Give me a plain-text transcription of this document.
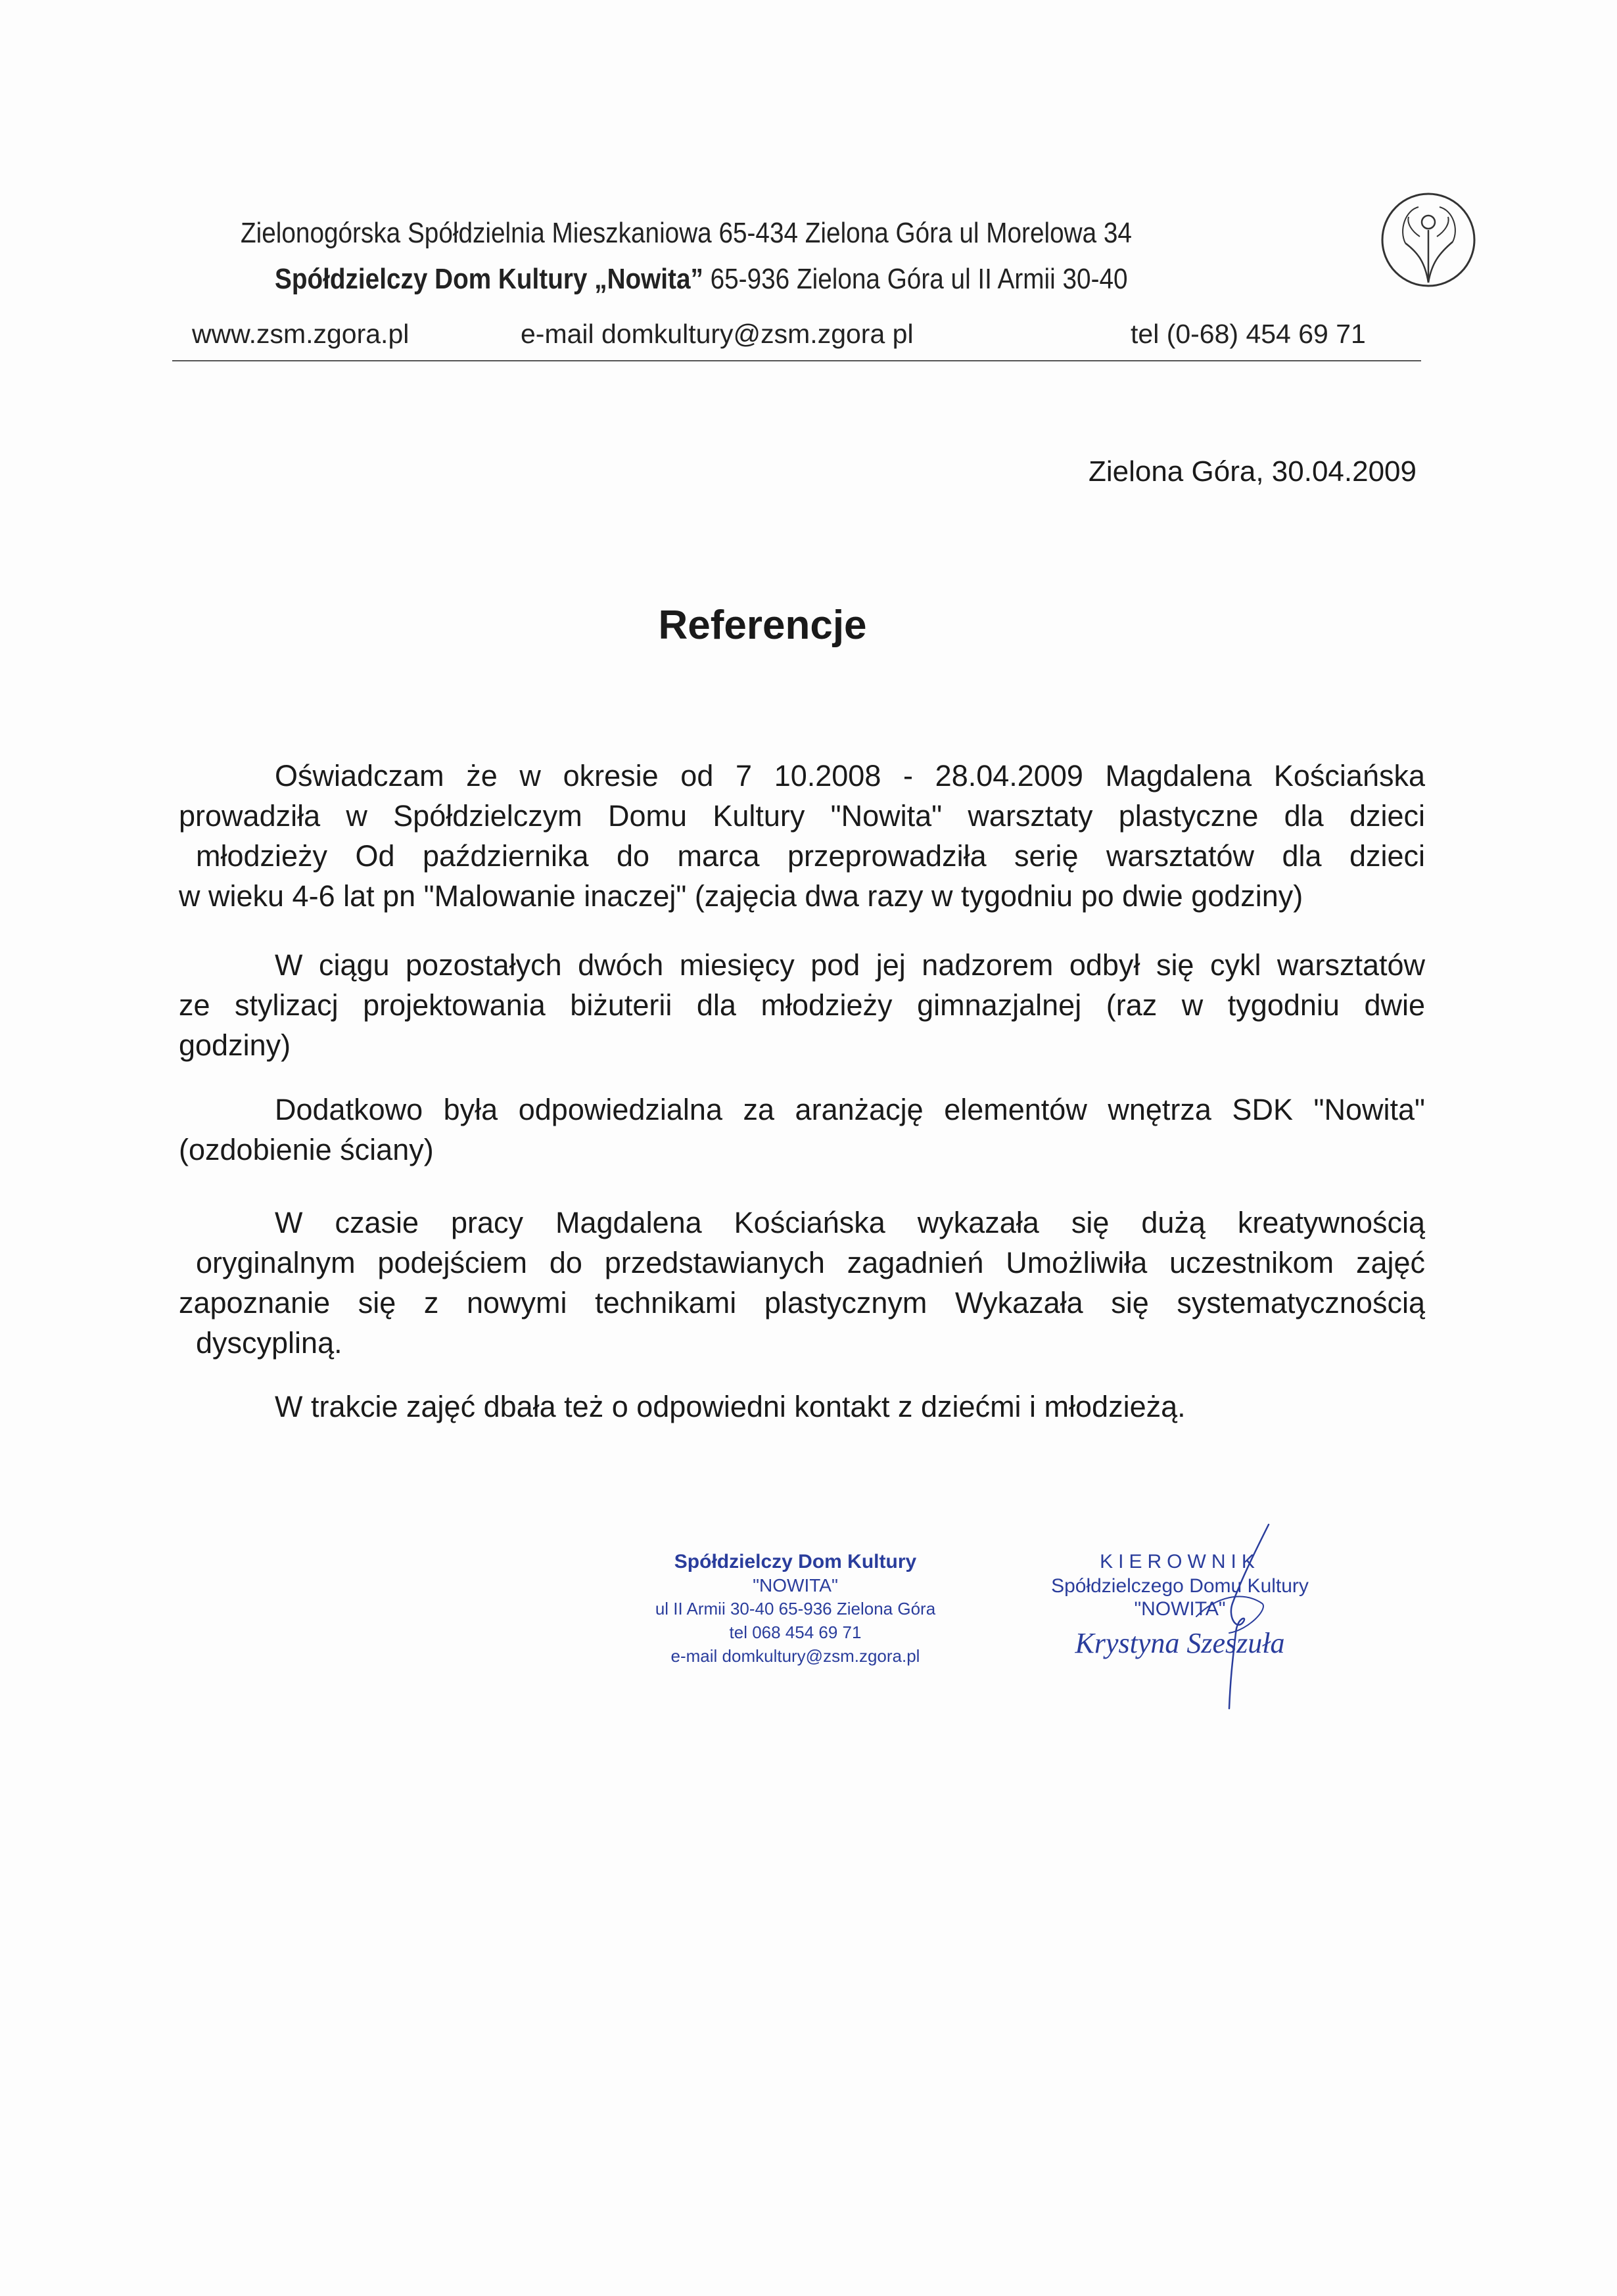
Zielonogórska Spółdzielnia Mieszkaniowa 65-434 Zielona Góra ul Morelowa 34
Spółdzielczy Dom Kultury „Nowita” 65-936 Zielona Góra ul II Armii 30-40
www.zsm.zgora.pl	e-mail domkultury@zsm.zgora pl	tel (0-68) 454 69 71
Zielona Góra, 30.04.2009
Referencje
Oświadczam że w okresie od 7 10.2008 - 28.04.2009 Magdalena Kościańska
prowadziła w Spółdzielczym Domu Kultury "Nowita" warsztaty plastyczne dla dzieci
młodzieży Od października do marca przeprowadziła serię warsztatów dla dzieci
w wieku 4-6 lat pn "Malowanie inaczej" (zajęcia dwa razy w tygodniu po dwie godziny)
W ciągu pozostałych dwóch miesięcy pod jej nadzorem odbył się cykl warsztatów
ze stylizacj projektowania biżuterii dla młodzieży gimnazjalnej (raz w tygodniu dwie
godziny)
Dodatkowo była odpowiedzialna za aranżację elementów wnętrza SDK "Nowita"
(ozdobienie ściany)
W czasie pracy Magdalena Kościańska wykazała się dużą kreatywnością
oryginalnym podejściem do przedstawianych zagadnień Umożliwiła uczestnikom zajęć
zapoznanie się z nowymi technikami plastycznym Wykazała się systematycznością
dyscypliną.
W trakcie zajęć dbała też o odpowiedni kontakt z dziećmi i młodzieżą.
Spółdzielczy Dom Kultury
"NOWITA"
ul II Armii 30-40 65-936 Zielona Góra
tel 068 454 69 71
e-mail domkultury@zsm.zgora.pl
KIEROWNIK
Spółdzielczego Domu Kultury
"NOWITA"
Krystyna Szeszuła
